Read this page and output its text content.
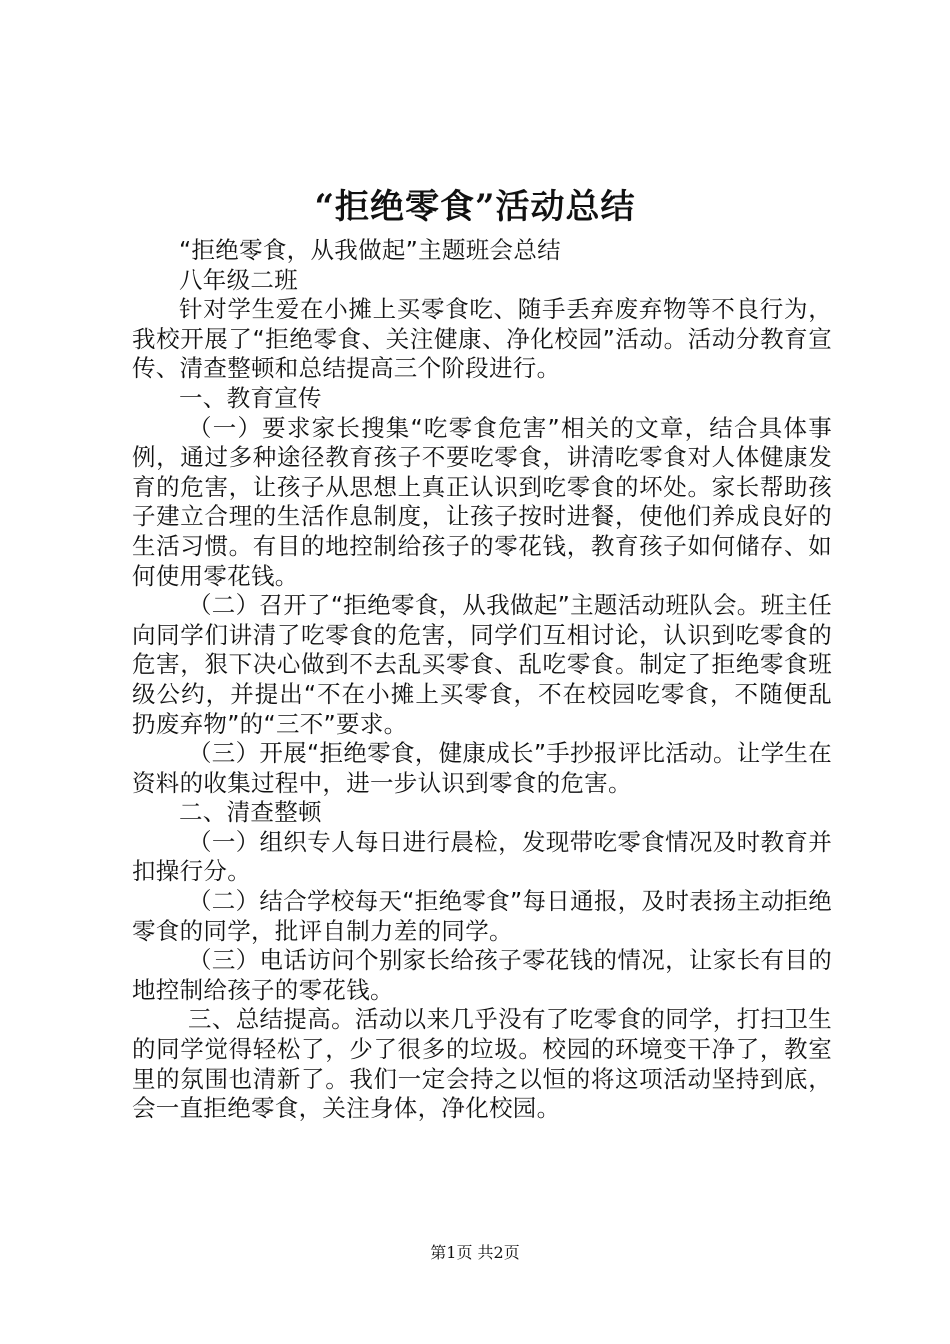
“拒绝零食”活动总结

“拒绝零食，从我做起”主题班会总结

八年级二班

针对学生爱在小摊上买零食吃、随手丢弃废弃物等不良行为，我校开展了“拒绝零食、关注健康、净化校园”活动。活动分教育宣传、清查整顿和总结提高三个阶段进行。

一、教育宣传

（一）要求家长搜集“吃零食危害”相关的文章，结合具体事例，通过多种途径教育孩子不要吃零食，讲清吃零食对人体健康发育的危害，让孩子从思想上真正认识到吃零食的坏处。家长帮助孩子建立合理的生活作息制度，让孩子按时进餐，使他们养成良好的生活习惯。有目的地控制给孩子的零花钱，教育孩子如何储存、如何使用零花钱。

（二）召开了“拒绝零食，从我做起”主题活动班队会。班主任向同学们讲清了吃零食的危害，同学们互相讨论，认识到吃零食的危害，狠下决心做到不去乱买零食、乱吃零食。制定了拒绝零食班级公约，并提出“不在小摊上买零食，不在校园吃零食，不随便乱扔废弃物”的“三不”要求。

（三）开展“拒绝零食，健康成长”手抄报评比活动。让学生在资料的收集过程中，进一步认识到零食的危害。

二、清查整顿

（一）组织专人每日进行晨检，发现带吃零食情况及时教育并扣操行分。

（二）结合学校每天“拒绝零食”每日通报，及时表扬主动拒绝零食的同学，批评自制力差的同学。

（三）电话访问个别家长给孩子零花钱的情况，让家长有目的地控制给孩子的零花钱。

三、总结提高。活动以来几乎没有了吃零食的同学，打扫卫生的同学觉得轻松了，少了很多的垃圾。校园的环境变干净了，教室里的氛围也清新了。我们一定会持之以恒的将这项活动坚持到底，会一直拒绝零食，关注身体，净化校园。

第1页 共2页
